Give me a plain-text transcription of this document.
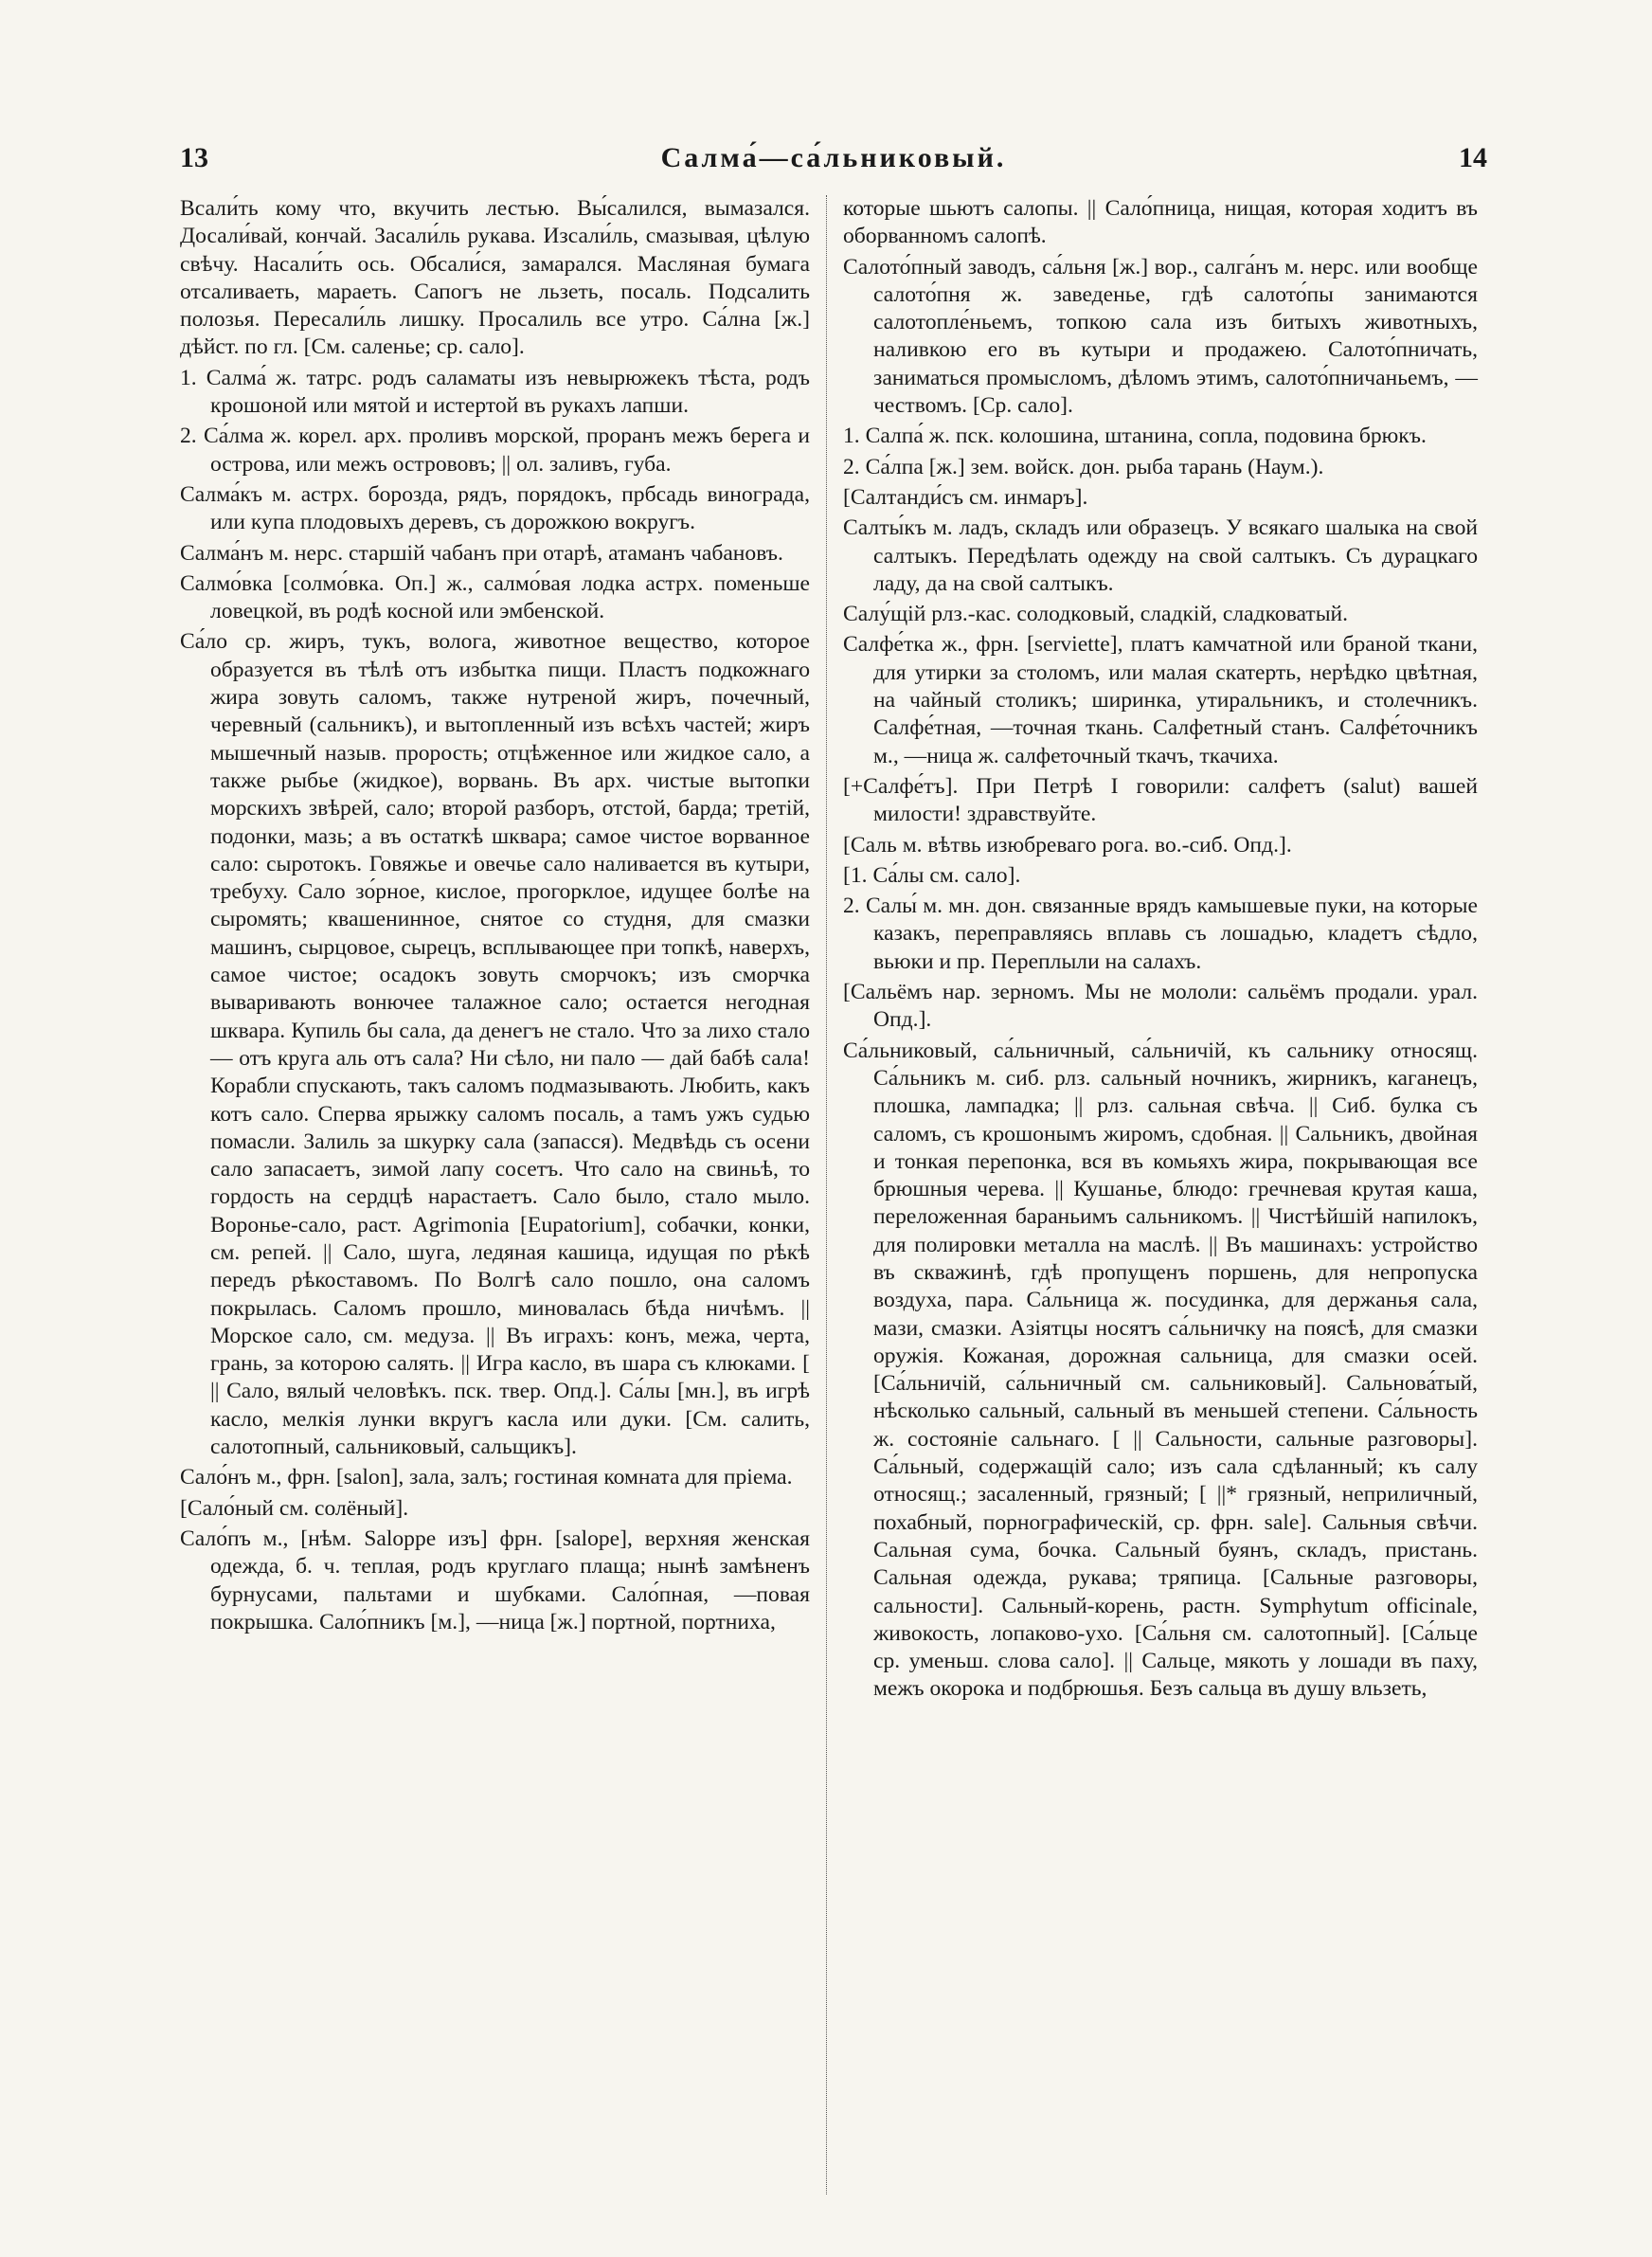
13	Салма́—са́льниковый.	14

Всали́ть кому что, вкучить лестью. Вы́салился, вымазался. Досали́вай, кончай. Засали́ль рукава. Изсали́ль, смазывая, цѣлую свѣчу. Насали́ть ось. Обсали́ся, замарался. Масляная бумага отсаливаеть, мараеть. Сапогъ не льзеть, посаль. Подсалить полозья. Пересали́ль лишку. Просалиль все утро. Са́лна [ж.] дѣйст. по гл. [См. саленье; ср. сало].

1. Салма́ ж. татрс. родъ саламаты изъ невырюжекъ тѣста, родъ крошоной или мятой и истертой въ рукахъ лапши.

2. Са́лма ж. корел. арх. проливъ морской, проранъ межъ берега и острова, или межъ острововъ; || ол. заливъ, губа.

Салма́къ м. астрх. борозда, рядъ, порядокъ, прбсадь винограда, или купа плодовыхъ деревъ, съ дорожкою вокругъ.

Салма́нъ м. нерс. старшій чабанъ при отарѣ, атаманъ чабановъ.

Салмо́вка [солмо́вка. Оп.] ж., салмо́вая лодка астрх. поменьше ловецкой, въ родѣ косной или эмбенской.

Са́ло ср. жиръ, тукъ, волога, животное вещество, которое образуется въ тѣлѣ отъ избытка пищи. Пластъ подкожнаго жира зовуть саломъ, также нутреной жиръ, почечный, черевный (сальникъ), и вытопленный изъ всѣхъ частей; жиръ мышечный назыв. прорость; отцѣженное или жидкое сало, а также рыбье (жидкое), ворвань. Въ арх. чистые вытопки морскихъ звѣрей, сало; второй разборъ, отстой, барда; третій, подонки, мазь; а въ остаткѣ шквара; самое чистое ворванное сало: сыротокъ. Говяжье и овечье сало наливается въ кутыри, требуху. Сало зо́рное, кислое, прогорклое, идущее болѣе на сыромять; квашенинное, снятое со студня, для смазки машинъ, сырцовое, сырецъ, всплывающее при топкѣ, наверхъ, самое чистое; осадокъ зовуть сморчокъ; изъ сморчка вываривають вонючее талажное сало; остается негодная шквара. Купиль бы сала, да денегъ не стало. Что за лихо стало — отъ круга аль отъ сала? Ни сѣло, ни пало — дай бабѣ сала! Корабли спускають, такъ саломъ подмазывають. Любить, какъ котъ сало. Сперва ярыжку саломъ посаль, а тамъ ужъ судью помасли. Залиль за шкурку сала (запасся). Медвѣдь съ осени сало запасаетъ, зимой лапу сосетъ. Что сало на свиньѣ, то гордость на сердцѣ нарастаетъ. Сало было, стало мыло. Воронье-сало, раст. Agrimonia [Eupatorium], собачки, конки, см. репей. || Сало, шуга, ледяная кашица, идущая по рѣкѣ передъ рѣкоставомъ. По Волгѣ сало пошло, она саломъ покрылась. Саломъ прошло, миновалась бѣда ничѣмъ. || Морское сало, см. медуза. || Въ играхъ: конъ, межа, черта, грань, за которою салять. || Игра касло, въ шара съ клюками. [ || Сало, вялый человѣкъ. пск. твер. Опд.]. Са́лы [мн.], въ игрѣ касло, мелкія лунки вкругъ касла или дуки. [См. салить, салотопный, сальниковый, сальщикъ].

Сало́нъ м., фрн. [salon], зала, залъ; гостиная комната для пріема.

[Сало́ный см. солёный].

Сало́пъ м., [нѣм. Saloppe изъ] фрн. [salope], верхняя женская одежда, б. ч. теплая, родъ круглаго плаща; нынѣ замѣненъ бурнусами, пальтами и шубками. Сало́пная, —повая покрышка. Сало́пникъ [м.], —ница [ж.] портной, портниха,

которые шьютъ салопы. || Сало́пница, нищая, которая ходитъ въ оборванномъ салопѣ.

Салото́пный заводъ, са́льня [ж.] вор., салга́нъ м. нерс. или вообще салото́пня ж. заведенье, гдѣ салото́пы занимаются салотопле́ньемъ, топкою сала изъ битыхъ животныхъ, наливкою его въ кутыри и продажею. Салото́пничать, заниматься промысломъ, дѣломъ этимъ, салото́пничаньемъ, —чествомъ. [Ср. сало].

1. Салпа́ ж. пск. колошина, штанина, сопла, подовина брюкъ.

2. Са́лпа [ж.] зем. войск. дон. рыба тарань (Наум.).

[Салтанди́съ см. инмаръ].

Салты́къ м. ладъ, складъ или образецъ. У всякаго шалыка на свой салтыкъ. Передѣлать одежду на свой салтыкъ. Съ дурацкаго ладу, да на свой салтыкъ.

Салу́щій рлз.-кас. солодковый, сладкій, сладковатый.

Салфе́тка ж., фрн. [serviette], платъ камчатной или браной ткани, для утирки за столомъ, или малая скатерть, нерѣдко цвѣтная, на чайный столикъ; ширинка, утиральникъ, и столечникъ. Салфе́тная, —точная ткань. Салфетный станъ. Салфе́точникъ м., —ница ж. салфеточный ткачъ, ткачиха.

[+Салфе́тъ]. При Петрѣ I говорили: салфетъ (salut) вашей милости! здравствуйте.

[Саль м. вѣтвь изюбреваго рога. во.-сиб. Опд.].

[1. Са́лы см. сало].

2. Салы́ м. мн. дон. связанные врядъ камышевые пуки, на которые казакъ, переправляясь вплавь съ лошадью, кладетъ сѣдло, вьюки и пр. Переплыли на салахъ.

[Сальёмъ нар. зерномъ. Мы не мололи: сальёмъ продали. урал. Опд.].

Са́льниковый, са́льничный, са́льничій, къ сальнику относящ. Са́льникъ м. сиб. рлз. сальный ночникъ, жирникъ, каганецъ, плошка, лампадка; || рлз. сальная свѣча. || Сиб. булка съ саломъ, съ крошонымъ жиромъ, сдобная. || Сальникъ, двойная и тонкая перепонка, вся въ комьяхъ жира, покрывающая все брюшныя черева. || Кушанье, блюдо: гречневая крутая каша, переложенная бараньимъ сальникомъ. || Чистѣйшій напилокъ, для полировки металла на маслѣ. || Въ машинахъ: устройство въ скважинѣ, гдѣ пропущенъ поршень, для непропуска воздуха, пара. Са́льница ж. посудинка, для держанья сала, мази, смазки. Азіятцы носятъ са́льничку на поясѣ, для смазки оружія. Кожаная, дорожная сальница, для смазки осей. [Са́льничій, са́льничный см. сальниковый]. Сальнова́тый, нѣсколько сальный, сальный въ меньшей степени. Са́льность ж. состояніе сальнаго. [ || Сальности, сальные разговоры]. Са́льный, содержащій сало; изъ сала сдѣланный; къ салу относящ.; засаленный, грязный; [ ||* грязный, неприличный, похабный, порнографическій, ср. фрн. sale]. Сальныя свѣчи. Сальная сума, бочка. Сальный буянъ, складъ, пристань. Сальная одежда, рукава; тряпица. [Сальные разговоры, сальности]. Сальный-корень, растн. Symphytum officinale, живокость, лопаково-ухо. [Са́льня см. салотопный]. [Са́льце ср. уменьш. слова сало]. || Сальце, мякоть у лошади въ паху, межъ окорока и подбрюшья. Безъ сальца въ душу вльзеть,
